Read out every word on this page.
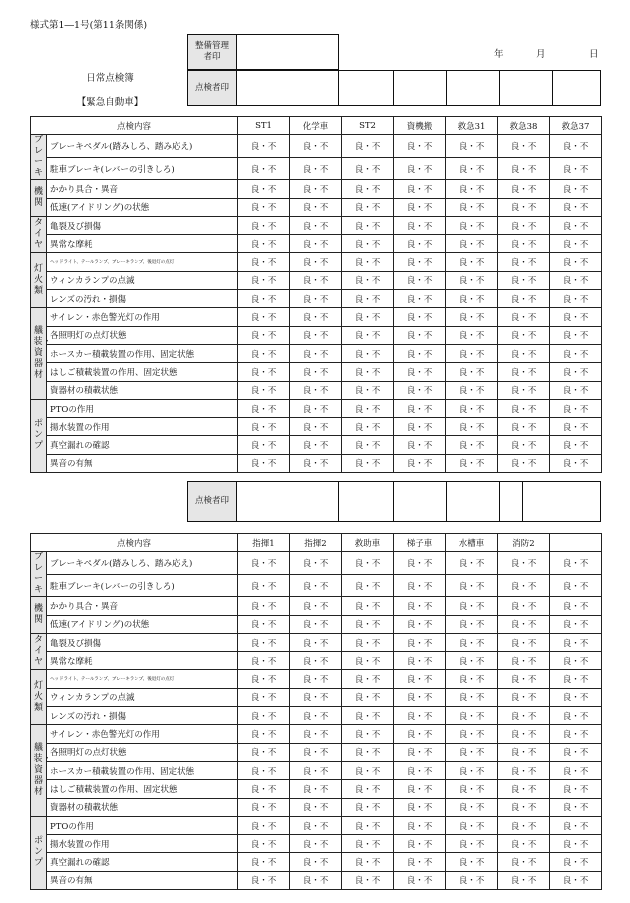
様式第1―1号(第11条関係)
日常点検簿
【緊急自動車】
年	月	日
整備管理者印	
点検者印						
点検内容		ST1	化学車	ST2	資機搬	救急31	救急38	救急37
ブレーキ	ブレーキペダル(踏みしろ、踏み応え)	良・不	良・不	良・不	良・不	良・不	良・不	良・不
	駐車ブレーキ(レバーの引きしろ)	良・不	良・不	良・不	良・不	良・不	良・不	良・不
機関	かかり具合・異音	良・不	良・不	良・不	良・不	良・不	良・不	良・不
	低速(アイドリング)の状態	良・不	良・不	良・不	良・不	良・不	良・不	良・不
タイヤ	亀裂及び損傷	良・不	良・不	良・不	良・不	良・不	良・不	良・不
	異常な摩耗	良・不	良・不	良・不	良・不	良・不	良・不	良・不
灯火類	ヘッドライト、テールランプ、ブレーキランプ、後退灯の点灯	良・不	良・不	良・不	良・不	良・不	良・不	良・不
	ウィンカランプの点滅	良・不	良・不	良・不	良・不	良・不	良・不	良・不
	レンズの汚れ・損傷	良・不	良・不	良・不	良・不	良・不	良・不	良・不
艤装・資器材	サイレン・赤色警光灯の作用	良・不	良・不	良・不	良・不	良・不	良・不	良・不
	各照明灯の点灯状態	良・不	良・不	良・不	良・不	良・不	良・不	良・不
	ホースカー積載装置の作用、固定状態	良・不	良・不	良・不	良・不	良・不	良・不	良・不
	はしご積載装置の作用、固定状態	良・不	良・不	良・不	良・不	良・不	良・不	良・不
	資器材の積載状態	良・不	良・不	良・不	良・不	良・不	良・不	良・不
ポンプ	PTOの作用	良・不	良・不	良・不	良・不	良・不	良・不	良・不
	揚水装置の作用	良・不	良・不	良・不	良・不	良・不	良・不	良・不
	真空漏れの確認	良・不	良・不	良・不	良・不	良・不	良・不	良・不
	異音の有無	良・不	良・不	良・不	良・不	良・不	良・不	良・不
点検者印						
点検内容		指揮1	指揮2	救助車	梯子車	水槽車	消防2	
ブレーキ	ブレーキペダル(踏みしろ、踏み応え)	良・不	良・不	良・不	良・不	良・不	良・不	良・不
	駐車ブレーキ(レバーの引きしろ)	良・不	良・不	良・不	良・不	良・不	良・不	良・不
機関	かかり具合・異音	良・不	良・不	良・不	良・不	良・不	良・不	良・不
	低速(アイドリング)の状態	良・不	良・不	良・不	良・不	良・不	良・不	良・不
タイヤ	亀裂及び損傷	良・不	良・不	良・不	良・不	良・不	良・不	良・不
	異常な摩耗	良・不	良・不	良・不	良・不	良・不	良・不	良・不
灯火類	ヘッドライト、テールランプ、ブレーキランプ、後退灯の点灯	良・不	良・不	良・不	良・不	良・不	良・不	良・不
	ウィンカランプの点滅	良・不	良・不	良・不	良・不	良・不	良・不	良・不
	レンズの汚れ・損傷	良・不	良・不	良・不	良・不	良・不	良・不	良・不
艤装・資器材	サイレン・赤色警光灯の作用	良・不	良・不	良・不	良・不	良・不	良・不	良・不
	各照明灯の点灯状態	良・不	良・不	良・不	良・不	良・不	良・不	良・不
	ホースカー積載装置の作用、固定状態	良・不	良・不	良・不	良・不	良・不	良・不	良・不
	はしご積載装置の作用、固定状態	良・不	良・不	良・不	良・不	良・不	良・不	良・不
	資器材の積載状態	良・不	良・不	良・不	良・不	良・不	良・不	良・不
ポンプ	PTOの作用	良・不	良・不	良・不	良・不	良・不	良・不	良・不
	揚水装置の作用	良・不	良・不	良・不	良・不	良・不	良・不	良・不
	真空漏れの確認	良・不	良・不	良・不	良・不	良・不	良・不	良・不
	異音の有無	良・不	良・不	良・不	良・不	良・不	良・不	良・不
